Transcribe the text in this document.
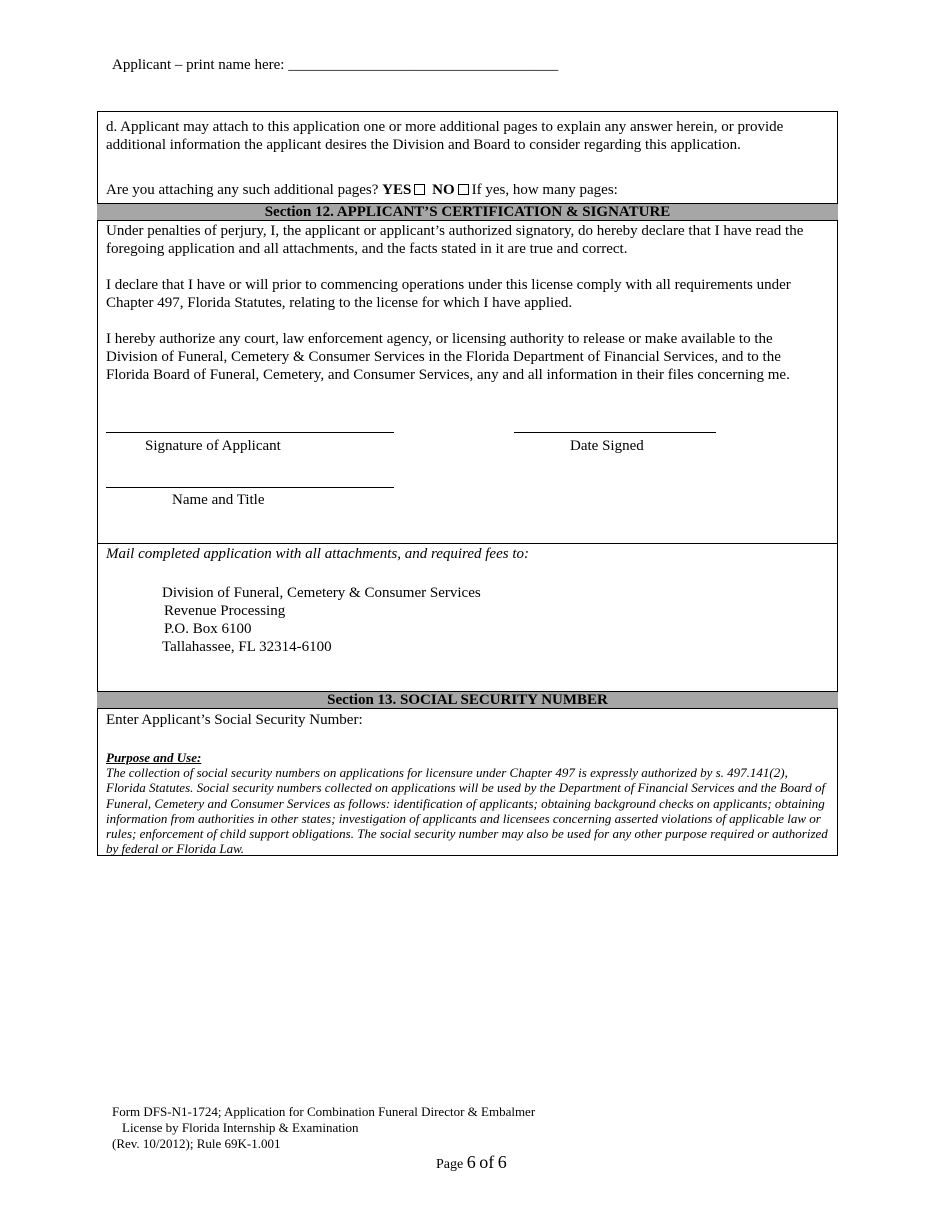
Applicant – print name here: ____________________________________
d. Applicant may attach to this application one or more additional pages to explain any answer herein, or provide additional information the applicant desires the Division and Board to consider regarding this application.
Are you attaching any such additional pages? YES NO If yes, how many pages:
Section 12. APPLICANT’S CERTIFICATION & SIGNATURE
Under penalties of perjury, I, the applicant or applicant’s authorized signatory, do hereby declare that I have read the foregoing application and all attachments, and the facts stated in it are true and correct.
I declare that I have or will prior to commencing operations under this license comply with all requirements under Chapter 497, Florida Statutes, relating to the license for which I have applied.
I hereby authorize any court, law enforcement agency, or licensing authority to release or make available to the Division of Funeral, Cemetery & Consumer Services in the Florida Department of Financial Services, and to the Florida Board of Funeral, Cemetery, and Consumer Services, any and all information in their files concerning me.
Signature of Applicant	Date Signed
Name and Title
Mail completed application with all attachments, and required fees to:
Division of Funeral, Cemetery & Consumer Services
Revenue Processing
P.O. Box 6100
Tallahassee, FL 32314-6100
Section 13. SOCIAL SECURITY NUMBER
Enter Applicant’s Social Security Number:
Purpose and Use:
The collection of social security numbers on applications for licensure under Chapter 497 is expressly authorized by s. 497.141(2), Florida Statutes. Social security numbers collected on applications will be used by the Department of Financial Services and the Board of Funeral, Cemetery and Consumer Services as follows: identification of applicants; obtaining background checks on applicants; obtaining information from authorities in other states; investigation of applicants and licensees concerning asserted violations of applicable law or rules; enforcement of child support obligations. The social security number may also be used for any other purpose required or authorized by federal or Florida Law.
Form DFS-N1-1724; Application for Combination Funeral Director & Embalmer
License by Florida Internship & Examination
(Rev. 10/2012); Rule 69K-1.001
Page 6 of 6
